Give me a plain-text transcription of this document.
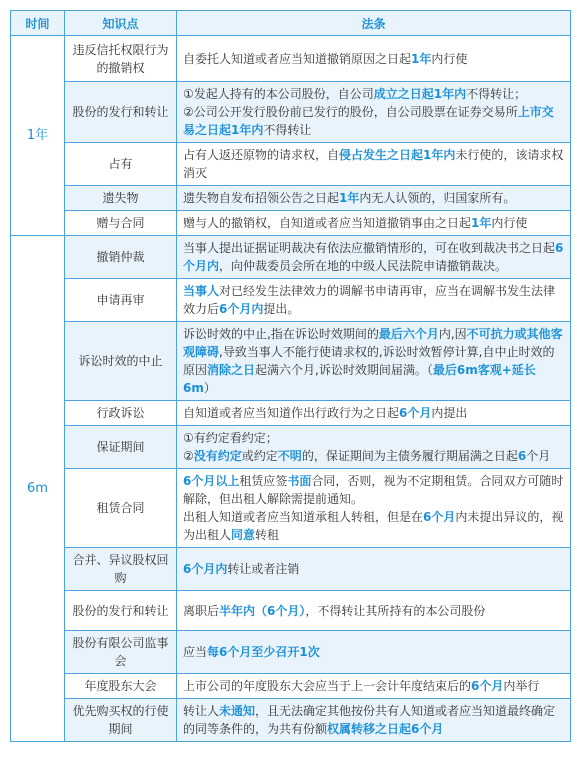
时间	知识点	法条
1年	违反信托权限行为的撤销权	自委托人知道或者应当知道撤销原因之日起1年内行使
	股份的发行和转让	①发起人持有的本公司股份，自公司成立之日起1年内不得转让；
②公司公开发行股份前已发行的股份，自公司股票在证券交易所上市交易之日起1年内不得转让
	占有	占有人返还原物的请求权，自侵占发生之日起1年内未行使的，该请求权消灭
	遗失物	遗失物自发布招领公告之日起1年内无人认领的，归国家所有。
	赠与合同	赠与人的撤销权，自知道或者应当知道撤销事由之日起1年内行使
6m	撤销仲裁	当事人提出证据证明裁决有依法应撤销情形的，可在收到裁决书之日起6个月内，向仲裁委员会所在地的中级人民法院申请撤销裁决。
	申请再审	当事人对已经发生法律效力的调解书申请再审，应当在调解书发生法律效力后6个月内提出。
	诉讼时效的中止	诉讼时效的中止,指在诉讼时效期间的最后六个月内,因不可抗力或其他客观障碍,导致当事人不能行使请求权的,诉讼时效暂停计算,自中止时效的原因消除之日起满六个月,诉讼时效期间届满。（最后6m客观+延长6m）
	行政诉讼	自知道或者应当知道作出行政行为之日起6个月内提出
	保证期间	①有约定看约定；
②没有约定或约定不明的，保证期间为主债务履行期届满之日起6个月
	租赁合同	6个月以上租赁应签书面合同，否则，视为不定期租赁。合同双方可随时解除，但出租人解除需提前通知。
出租人知道或者应当知道承租人转租，但是在6个月内未提出异议的，视为出租人同意转租
	合并、异议股权回购	6个月内转让或者注销
	股份的发行和转让	离职后半年内（6个月），不得转让其所持有的本公司股份
	股份有限公司监事会	应当每6个月至少召开1次
	年度股东大会	上市公司的年度股东大会应当于上一会计年度结束后的6个月内举行
	优先购买权的行使期间	转让人未通知，且无法确定其他按份共有人知道或者应当知道最终确定的同等条件的，为共有份额权属转移之日起6个月
